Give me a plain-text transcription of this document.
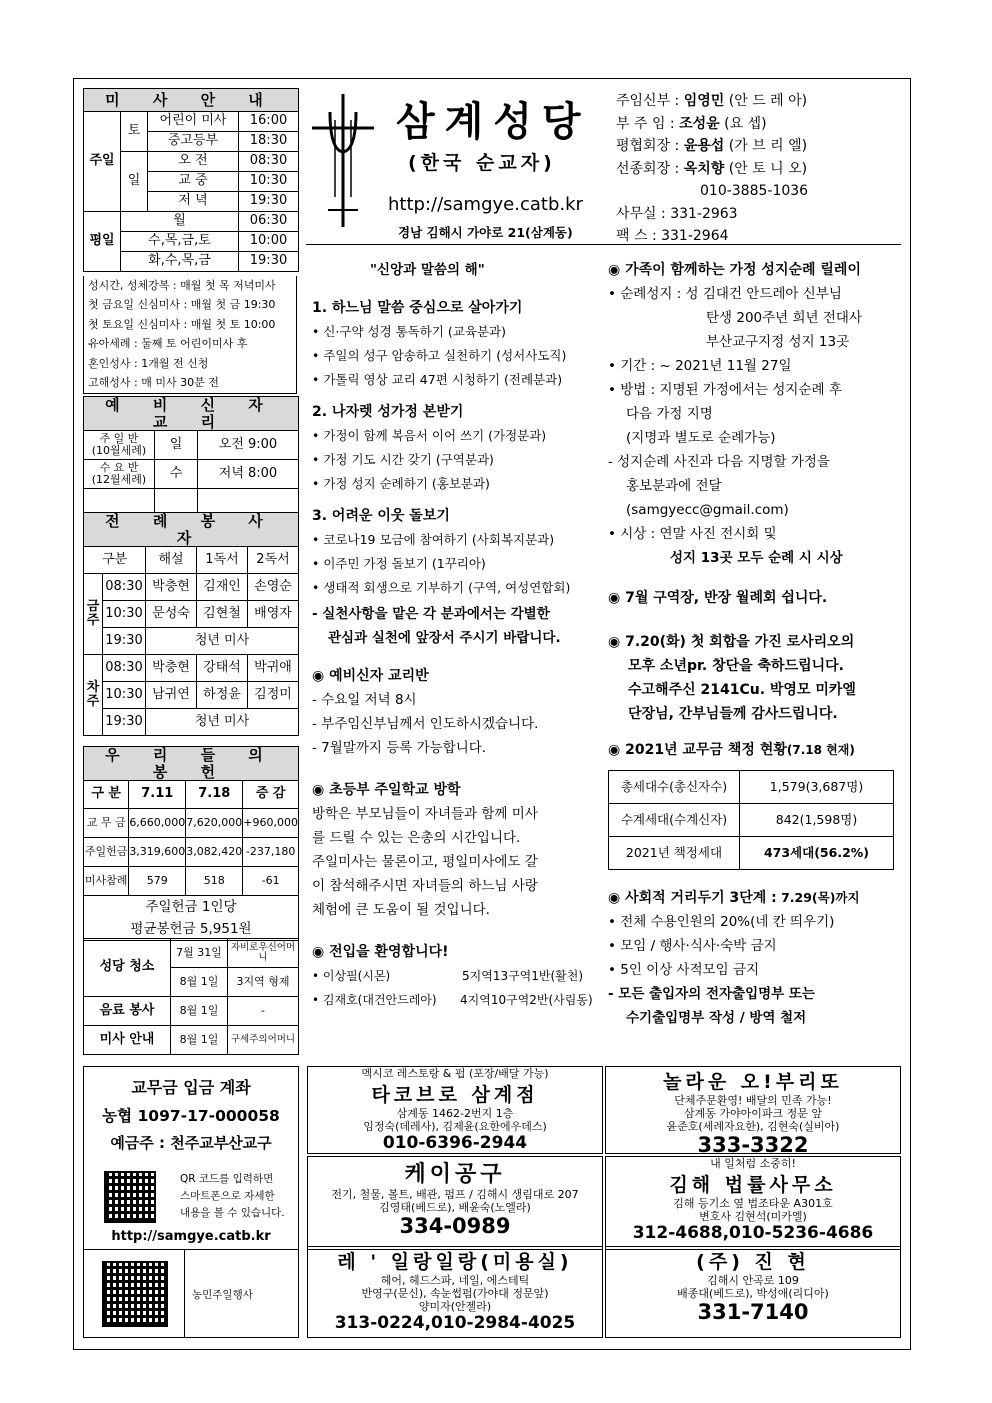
미 사 안 내			
주일	토	어린이 미사	16:00
		중고등부	18:30
	일	오 전	08:30
		교 중	10:30
		저 녁	19:30
평일	월		06:30
	수,목,금,토		10:00
	화,수,목,금		19:30
성시간, 성체강복 : 매월 첫 목 저녁미사
첫 금요일 신심미사 : 매월 첫 금 19:30
첫 토요일 신심미사 : 매월 첫 토 10:00
유아세례 : 둘째 토 어린이미사 후
혼인성사 : 1개월 전 신청
고해성사 : 매 미사 30분 전
예 비 신 자 교 리		

주 일 반
(10월세례)	일	오전 9:00

수 요 반
(12월세례)	수	저녁 8:00

전 례 봉 사 자				
구분		해설	1독서	2독서
금주	08:30	박충현	김재인	손영순
	10:30	문성숙	김현철	배영자
	19:30	청년 미사		
차주	08:30	박충현	강태석	박귀애
	10:30	남귀연	하정윤	김정미
	19:30	청년 미사		
우 리 들 의 봉 헌			
구 분	7.11	7.18	증 감
교 무 금	6,660,000	7,620,000	+960,000
주일헌금	3,319,600	3,082,420	-237,180
미사참례	579	518	-61

주일헌금 1인당
평균봉헌금 5,951원			
성당 청소	7월 31일	자비로우신어머니
	8월 1일	3지역 형제
음료 봉사	8월 1일	-
미사 안내	8월 1일	구세주의어머니
삼계성당
(한국 순교자)
http://samgye.catb.kr
경남 김해시 가야로 21(삼계동)
주임신부 : 임영민 (안 드 레 아)
부 주 임 : 조성윤 (요 셉)
평협회장 : 윤용섭 (가 브 리 엘)
선종회장 : 옥치향 (안 토 니 오)
010-3885-1036
사무실 : 331-2963
팩 스 : 331-2964
"신앙과 말씀의 해"
1. 하느님 말씀 중심으로 살아가기
• 신·구약 성경 통독하기 (교육분과)
• 주일의 성구 암송하고 실천하기 (성서사도직)
• 가톨릭 영상 교리 47편 시청하기 (전례분과)
2. 나자렛 성가정 본받기
• 가정이 함께 복음서 이어 쓰기 (가정분과)
• 가정 기도 시간 갖기 (구역분과)
• 가정 성지 순례하기 (홍보분과)
3. 어려운 이웃 돌보기
• 코로나19 모금에 참여하기 (사회복지분과)
• 이주민 가정 돌보기 (1꾸리아)
• 생태적 회생으로 기부하기 (구역, 여성연합회)
- 실천사항을 맡은 각 분과에서는 각별한
관심과 실천에 앞장서 주시기 바랍니다.
◉ 예비신자 교리반
- 수요일 저녁 8시
- 부주임신부님께서 인도하시겠습니다.
- 7월말까지 등록 가능합니다.
◉ 초등부 주일학교 방학
방학은 부모님들이 자녀들과 함께 미사
를 드릴 수 있는 은총의 시간입니다.
주일미사는 물론이고, 평일미사에도 갈
이 참석해주시면 자녀들의 하느님 사랑
체험에 큰 도움이 될 것입니다.
◉ 전입을 환영합니다!
• 이상필(시몬)	5지역13구역1반(활천)
• 김재호(대건안드레아) 4지역10구역2반(사림동)
◉ 가족이 함께하는 가정 성지순례 릴레이
• 순례성지 : 성 김대건 안드레아 신부님
탄생 200주년 희년 전대사
부산교구지정 성지 13곳
• 기간 : ~ 2021년 11월 27일
• 방법 : 지명된 가정에서는 성지순례 후
다음 가정 지명
(지명과 별도로 순례가능)
- 성지순례 사진과 다음 지명할 가정을
홍보분과에 전달
(samgyecc@gmail.com)
• 시상 : 연말 사진 전시회 및
성지 13곳 모두 순례 시 시상
◉ 7월 구역장, 반장 월례회 쉽니다.
◉ 7.20(화) 첫 회합을 가진 로사리오의
모후 소년pr. 창단을 축하드립니다.
수고해주신 2141Cu. 박영모 미카엘
단장님, 간부님들께 감사드립니다.
◉ 2021년 교무금 책정 현황(7.18 현재)
총세대수(총신자수)	1,579(3,687명)
수계세대(수계신자)	842(1,598명)
2021년 책정세대	473세대(56.2%)
◉ 사회적 거리두기 3단계 : 7.29(목)까지
• 전체 수용인원의 20%(네 칸 띄우기)
• 모임 / 행사·식사·숙박 금지
• 5인 이상 사적모임 금지
- 모든 출입자의 전자출입명부 또는
수기출입명부 작성 / 방역 철저
교무금 입금 계좌
농협 1097-17-000058
예금주 : 천주교부산교구
QR 코드를 입력하면
스마트폰으로 자세한
내용을 볼 수 있습니다.
http://samgye.catb.kr
농민주일행사
멕시코 레스토랑 & 펍 (포장/배달 가능)
타코브로 삼계점
삼계동 1462-2번지 1층
임정숙(데레사), 김제윤(요한에우데스)
010-6396-2944
놀라운 오!부리또
단체주문환영! 배달의 민족 가능!
삼계동 가야아이파크 정문 앞
윤준호(세례자요한), 김현숙(실비아)
333-3322
케이공구
전기, 철물, 볼트, 배관, 펌프 / 김해시 생림대로 207
김영태(베드로), 배윤숙(노엘라)
334-0989
내 일처럼 소중히!
김해 법률사무소
김해 등기소 옆 법조타운 A301호
변호사 김현석(미카엘)
312-4688,010-5236-4686
레 ' 일랑일랑(미용실)
헤어, 헤드스파, 네일, 에스테틱
반영구(문신), 속눈썹펌(가야대 정문앞)
양미자(안젤라)
313-0224,010-2984-4025
(주) 진 현
김해시 안곡로 109
배종대(베드로), 박성애(리디아)
331-7140
